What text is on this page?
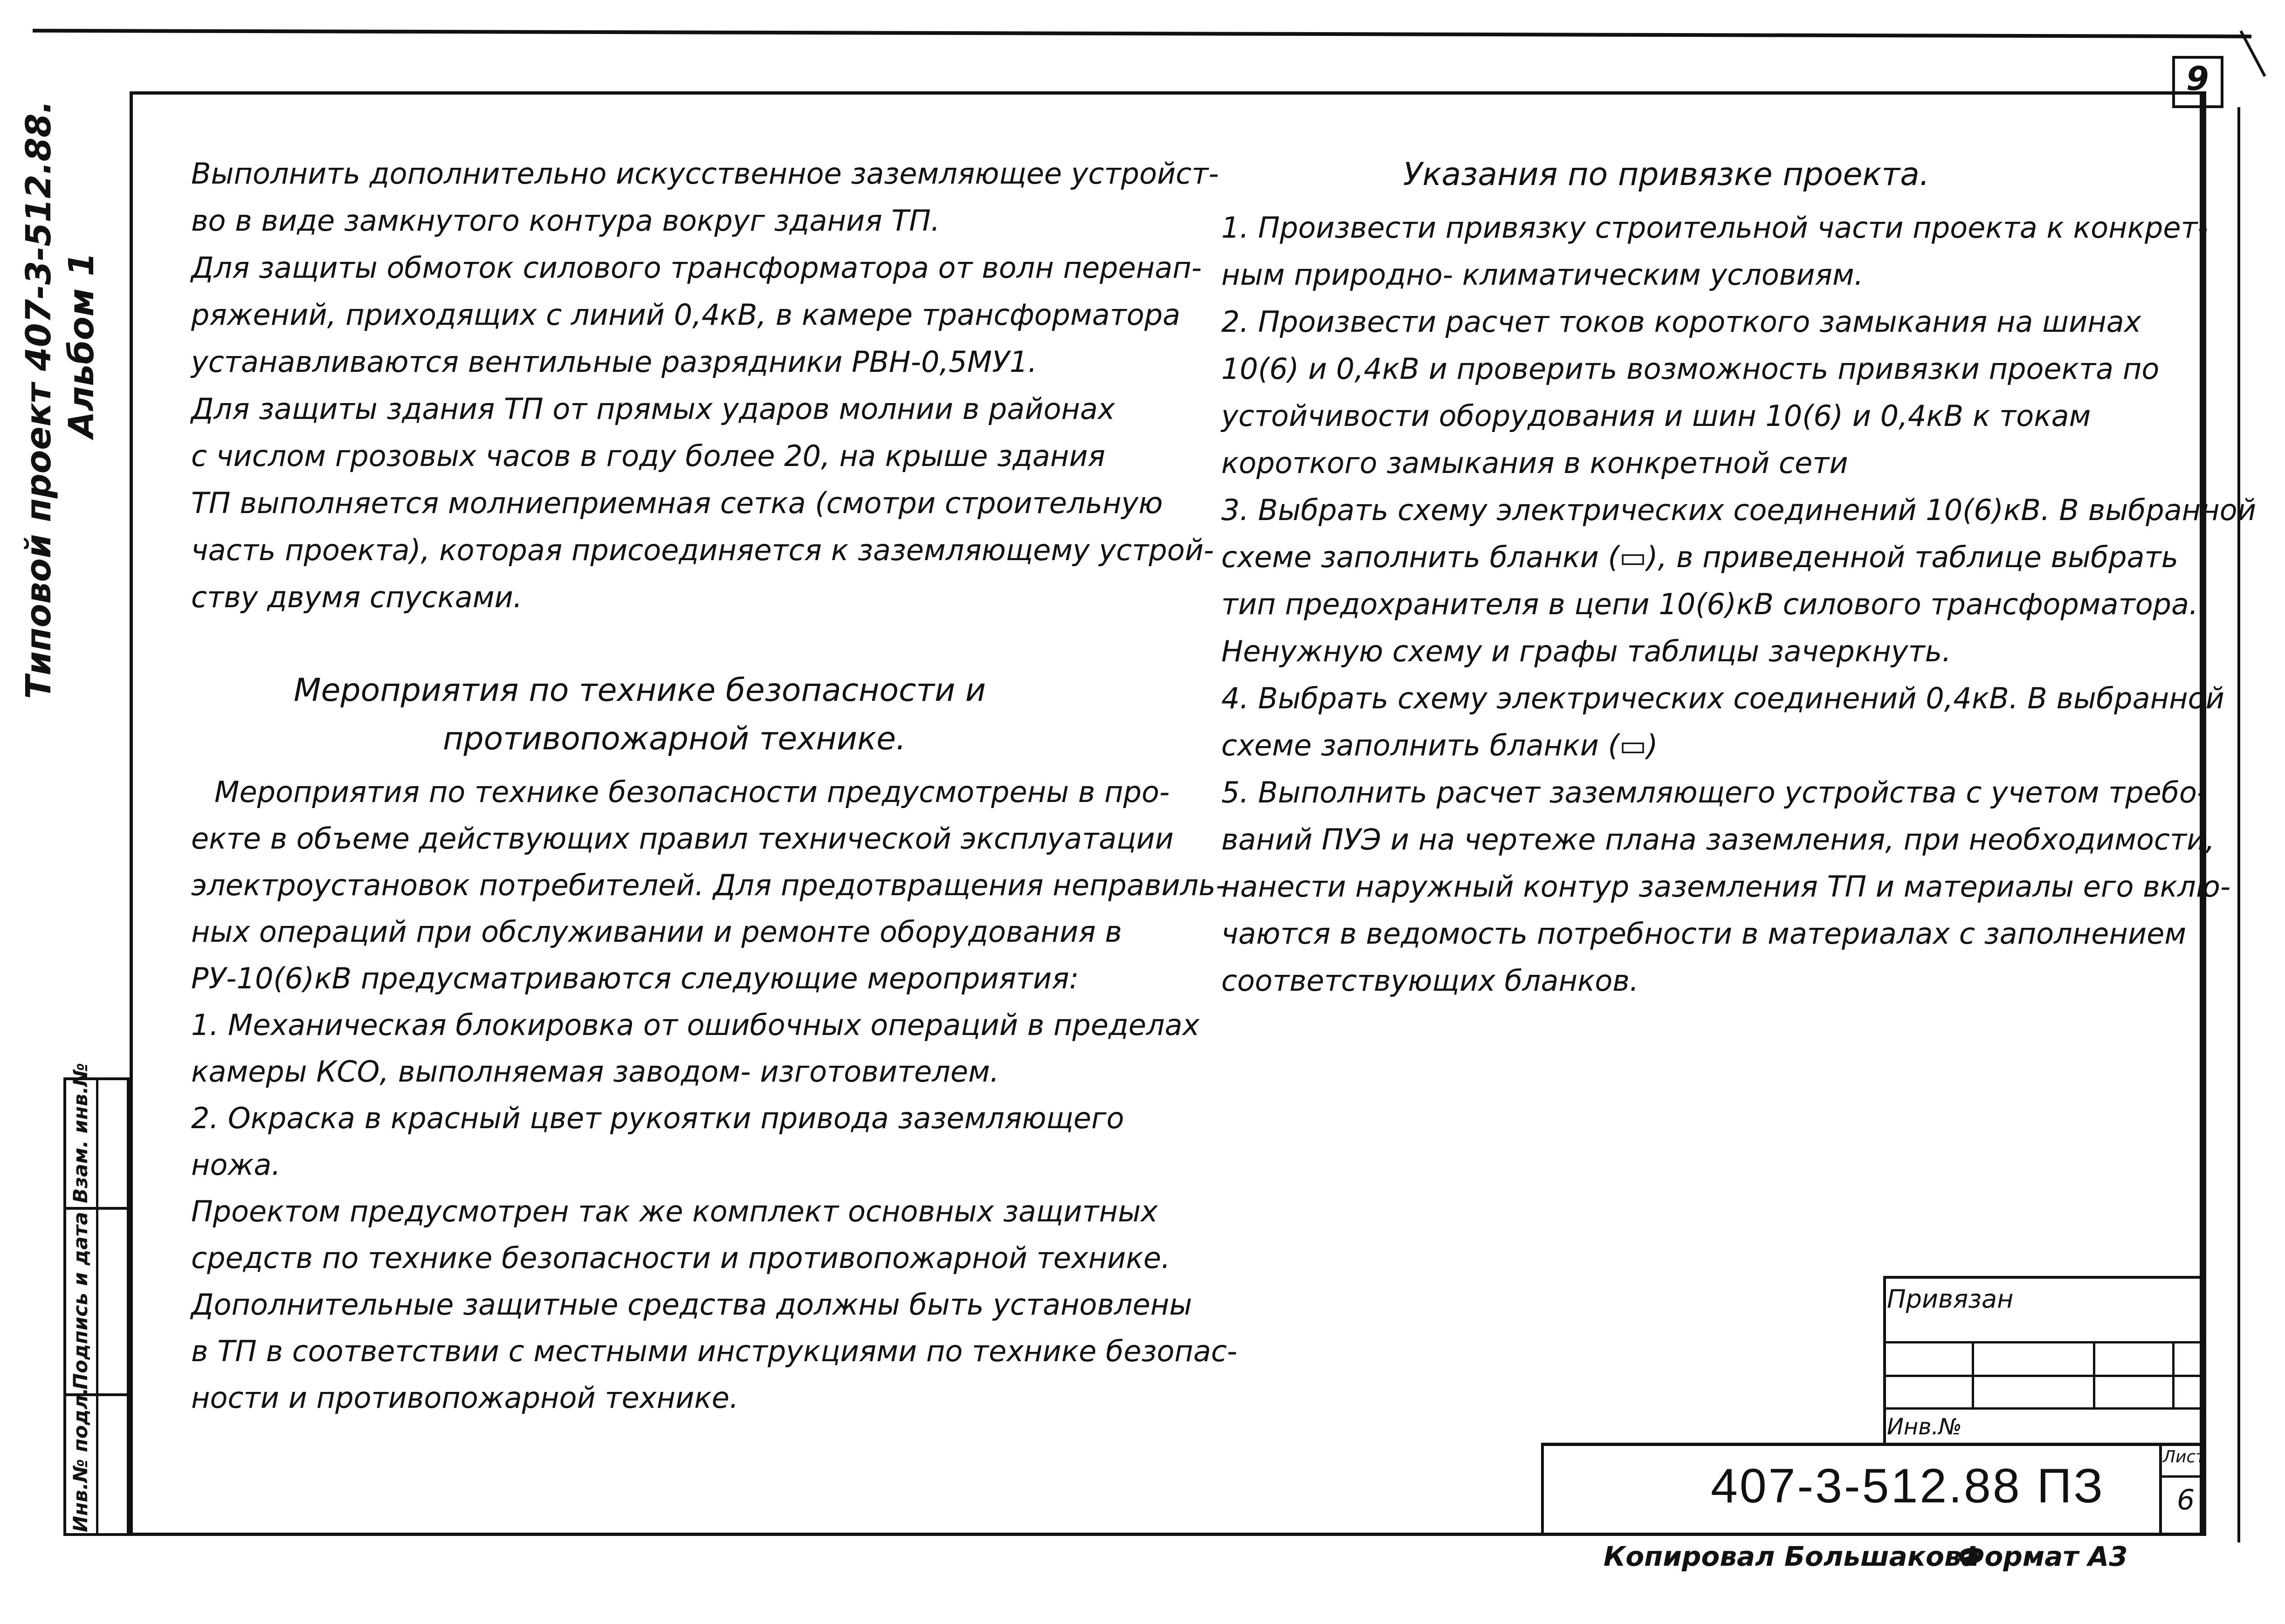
9
Типовой проект 407-3-512.88. Альбом 1
Взам. инв.№
Подпись и дата
Инв.№ подл.
Выполнить дополнительно искусственное заземляющее устройст-
во в виде замкнутого контура вокруг здания ТП.
Для защиты обмоток силового трансформатора от волн перенап-
ряжений, приходящих с линий 0,4кВ, в камере трансформатора
устанавливаются вентильные разрядники РВН-0,5МУ1.
Для защиты здания ТП от прямых ударов молнии в районах
с числом грозовых часов в году более 20, на крыше здания
ТП выполняется молниеприемная сетка (смотри строительную
часть проекта), которая присоединяется к заземляющему устрой-
ству двумя спусками.
Мероприятия по технике безопасности и
противопожарной технике.
Мероприятия по технике безопасности предусмотрены в про-
екте в объеме действующих правил технической эксплуатации
электроустановок потребителей. Для предотвращения неправиль-
ных операций при обслуживании и ремонте оборудования в
РУ-10(6)кВ предусматриваются следующие мероприятия:
1. Механическая блокировка от ошибочных операций в пределах
камеры КСО, выполняемая заводом- изготовителем.
2. Окраска в красный цвет рукоятки привода заземляющего
ножа.
Проектом предусмотрен так же комплект основных защитных
средств по технике безопасности и противопожарной технике.
Дополнительные защитные средства должны быть установлены
в ТП в соответствии с местными инструкциями по технике безопас-
ности и противопожарной технике.
Указания по привязке проекта.
1. Произвести привязку строительной части проекта к конкрет-
ным природно- климатическим условиям.
2. Произвести расчет токов короткого замыкания на шинах
10(6) и 0,4кВ и проверить возможность привязки проекта по
устойчивости оборудования и шин 10(6) и 0,4кВ к токам
короткого замыкания в конкретной сети
3. Выбрать схему электрических соединений 10(6)кВ. В выбранной
схеме заполнить бланки (▭), в приведенной таблице выбрать
тип предохранителя в цепи 10(6)кВ силового трансформатора.
Ненужную схему и графы таблицы зачеркнуть.
4. Выбрать схему электрических соединений 0,4кВ. В выбранной
схеме заполнить бланки (▭)
5. Выполнить расчет заземляющего устройства с учетом требо-
ваний ПУЭ и на чертеже плана заземления, при необходимости,
нанести наружный контур заземления ТП и материалы его вклю-
чаются в ведомость потребности в материалах с заполнением
соответствующих бланков.
Привязан
Инв.№
407-3-512.88 ПЗ
Лист
6
Копировал Большакова
Формат А3
